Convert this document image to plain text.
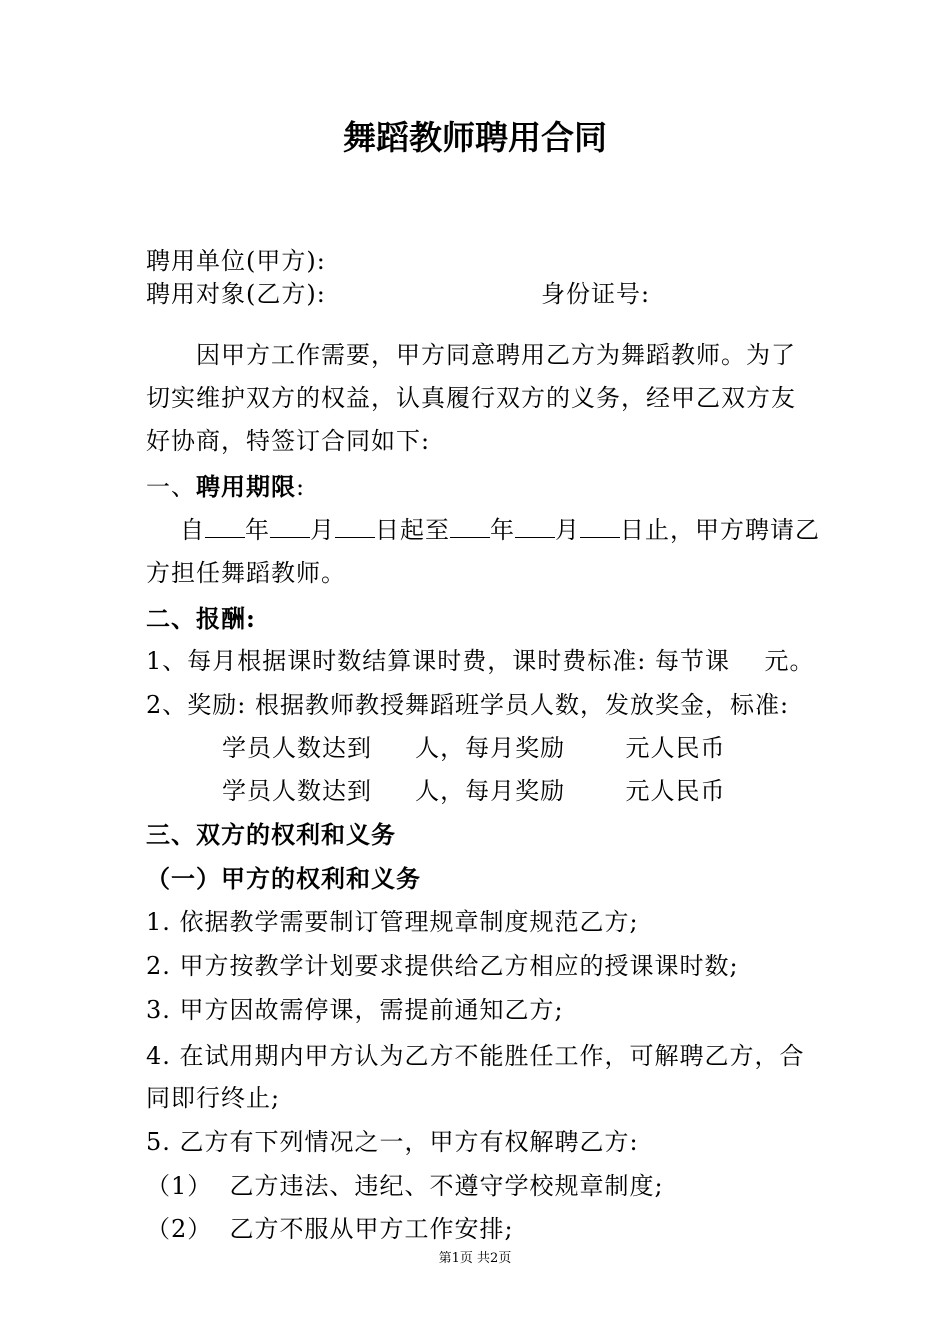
舞蹈教师聘用合同
聘用单位(甲方):
聘用对象(乙方):	身份证号:
因甲方工作需要，甲方同意聘用乙方为舞蹈教师。为了
切实维护双方的权益，认真履行双方的义务，经甲乙双方友
好协商，特签订合同如下:
一、聘用期限:
自 年 月 日起至 年 月 日止，甲方聘请乙
方担任舞蹈教师。
二、报酬:
1、每月根据课时数结算课时费，课时费标准: 每节课    元。
2、奖励: 根据教师教授舞蹈班学员人数，发放奖金，标准:
学员人数达到     人，每月奖励       元人民币
学员人数达到     人，每月奖励       元人民币
三、双方的权利和义务
（一）甲方的权利和义务
1. 依据教学需要制订管理规章制度规范乙方;
2. 甲方按教学计划要求提供给乙方相应的授课课时数;
3. 甲方因故需停课，需提前通知乙方;
4. 在试用期内甲方认为乙方不能胜任工作，可解聘乙方，合
同即行终止;
5. 乙方有下列情况之一，甲方有权解聘乙方:
（1）  乙方违法、违纪、不遵守学校规章制度;
（2）  乙方不服从甲方工作安排;
第1页 共2页
